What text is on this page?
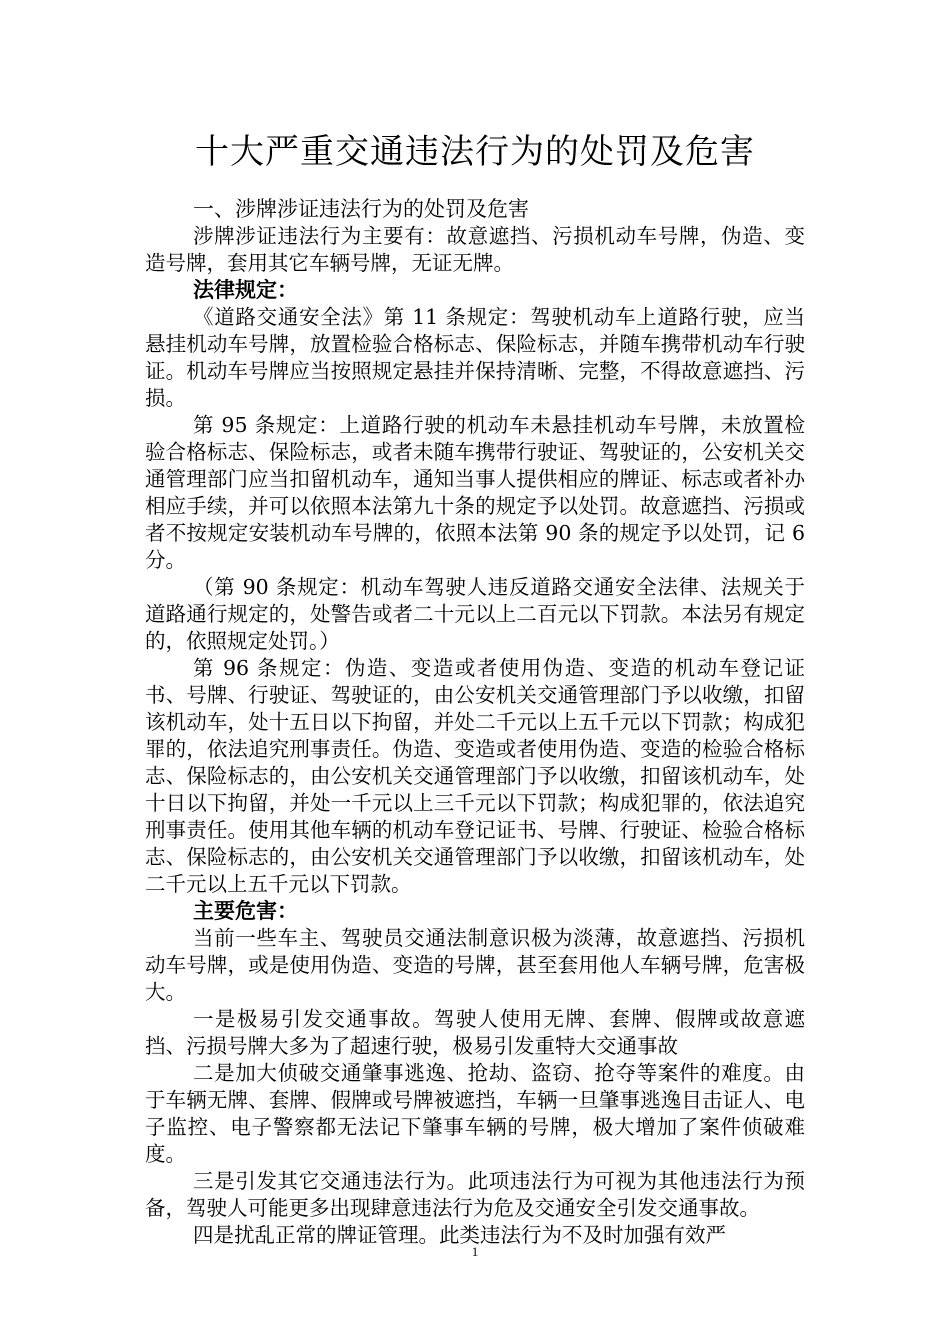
十大严重交通违法行为的处罚及危害

一、涉牌涉证违法行为的处罚及危害

涉牌涉证违法行为主要有：故意遮挡、污损机动车号牌，伪造、变造号牌，套用其它车辆号牌，无证无牌。

法律规定：

《道路交通安全法》第 11 条规定：驾驶机动车上道路行驶，应当悬挂机动车号牌，放置检验合格标志、保险标志，并随车携带机动车行驶证。机动车号牌应当按照规定悬挂并保持清晰、完整，不得故意遮挡、污损。

第 95 条规定：上道路行驶的机动车未悬挂机动车号牌，未放置检验合格标志、保险标志，或者未随车携带行驶证、驾驶证的，公安机关交通管理部门应当扣留机动车，通知当事人提供相应的牌证、标志或者补办相应手续，并可以依照本法第九十条的规定予以处罚。故意遮挡、污损或者不按规定安装机动车号牌的，依照本法第 90 条的规定予以处罚，记 6 分。

（第 90 条规定：机动车驾驶人违反道路交通安全法律、法规关于道路通行规定的，处警告或者二十元以上二百元以下罚款。本法另有规定的，依照规定处罚。）

第 96 条规定：伪造、变造或者使用伪造、变造的机动车登记证书、号牌、行驶证、驾驶证的，由公安机关交通管理部门予以收缴，扣留该机动车，处十五日以下拘留，并处二千元以上五千元以下罚款；构成犯罪的，依法追究刑事责任。伪造、变造或者使用伪造、变造的检验合格标志、保险标志的，由公安机关交通管理部门予以收缴，扣留该机动车，处十日以下拘留，并处一千元以上三千元以下罚款；构成犯罪的，依法追究刑事责任。使用其他车辆的机动车登记证书、号牌、行驶证、检验合格标志、保险标志的，由公安机关交通管理部门予以收缴，扣留该机动车，处二千元以上五千元以下罚款。

主要危害：

当前一些车主、驾驶员交通法制意识极为淡薄，故意遮挡、污损机动车号牌，或是使用伪造、变造的号牌，甚至套用他人车辆号牌，危害极大。

一是极易引发交通事故。驾驶人使用无牌、套牌、假牌或故意遮挡、污损号牌大多为了超速行驶，极易引发重特大交通事故

二是加大侦破交通肇事逃逸、抢劫、盗窃、抢夺等案件的难度。由于车辆无牌、套牌、假牌或号牌被遮挡，车辆一旦肇事逃逸目击证人、电子监控、电子警察都无法记下肇事车辆的号牌，极大增加了案件侦破难度。

三是引发其它交通违法行为。此项违法行为可视为其他违法行为预备，驾驶人可能更多出现肆意违法行为危及交通安全引发交通事故。

四是扰乱正常的牌证管理。此类违法行为不及时加强有效严

1
